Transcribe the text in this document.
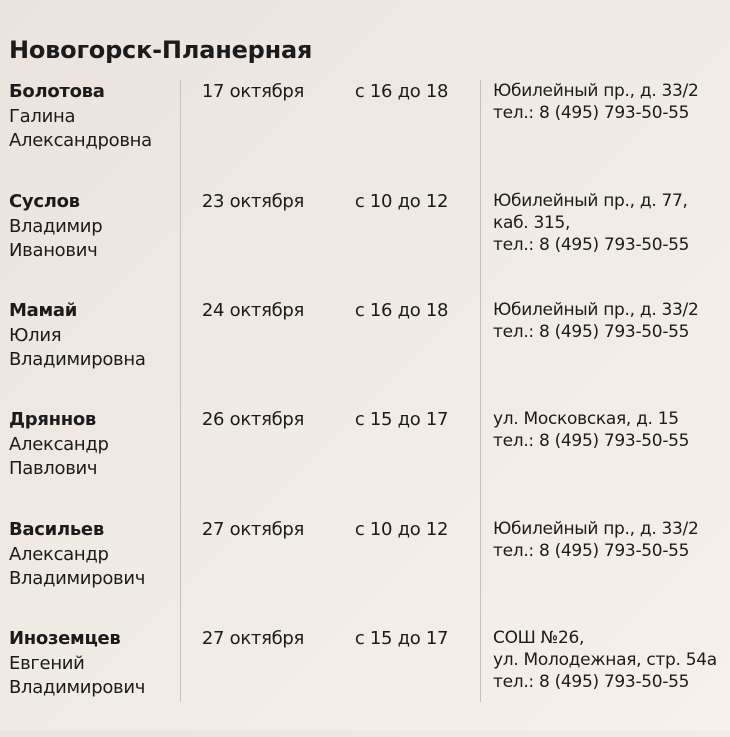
Новогорск-Планерная
Болотова
Галина
Александровна
17 октября	с 16 до 18	Юбилейный пр., д. 33/2
тел.: 8 (495) 793-50-55
Суслов
Владимир
Иванович
23 октября	с 10 до 12	Юбилейный пр., д. 77,
каб. 315,
тел.: 8 (495) 793-50-55
Мамай
Юлия
Владимировна
24 октября	с 16 до 18	Юбилейный пр., д. 33/2
тел.: 8 (495) 793-50-55
Дряннов
Александр
Павлович
26 октября	с 15 до 17	ул. Московская, д. 15
тел.: 8 (495) 793-50-55
Васильев
Александр
Владимирович
27 октября	с 10 до 12	Юбилейный пр., д. 33/2
тел.: 8 (495) 793-50-55
Иноземцев
Евгений
Владимирович
27 октября	с 15 до 17	СОШ №26,
ул. Молодежная, стр. 54а
тел.: 8 (495) 793-50-55
